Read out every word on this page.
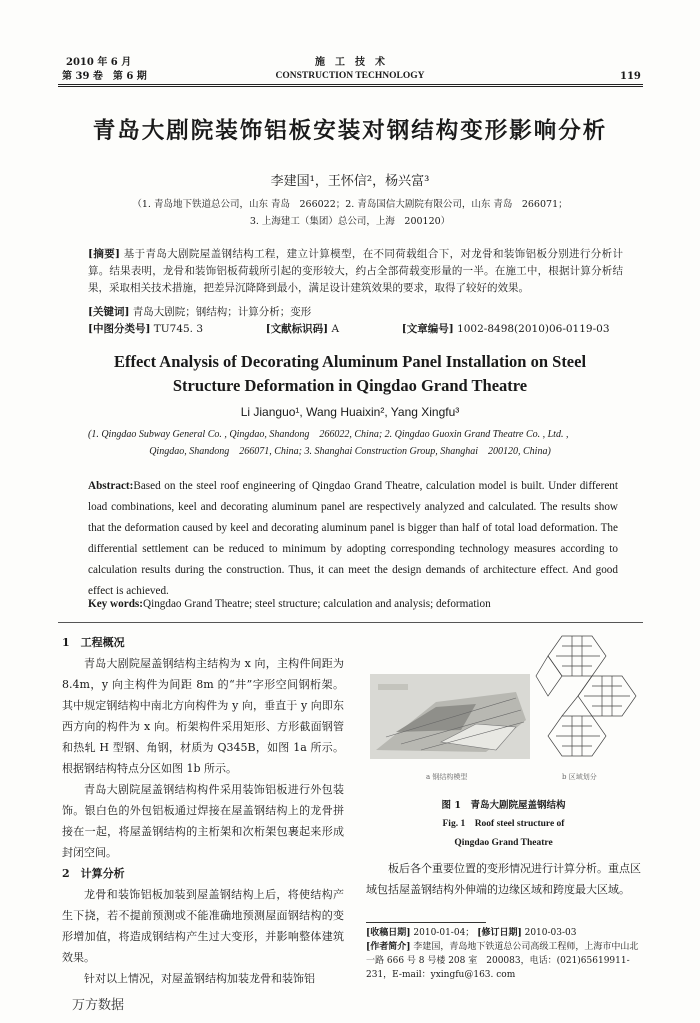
2010 年 6 月
第 39 卷　第 6 期
施　工　技　术
CONSTRUCTION TECHNOLOGY	119
青岛大剧院装饰铝板安装对钢结构变形影响分析
李建国¹，王怀信²，杨兴富³
（1. 青岛地下铁道总公司，山东 青岛　266022；2. 青岛国信大剧院有限公司，山东 青岛　266071；
3. 上海建工（集团）总公司，上海　200120）
[摘要] 基于青岛大剧院屋盖钢结构工程，建立计算模型，在不同荷载组合下，对龙骨和装饰铝板分别进行分析计算。结果表明，龙骨和装饰铝板荷载所引起的变形较大，约占全部荷载变形量的一半。在施工中，根据计算分析结果，采取相关技术措施，把差异沉降降到最小，满足设计建筑效果的要求，取得了较好的效果。
[关键词] 青岛大剧院；钢结构；计算分析；变形
[中图分类号] TU745. 3	[文献标识码] A	[文章编号] 1002-8498(2010)06-0119-03
Effect Analysis of Decorating Aluminum Panel Installation on Steel
Structure Deformation in Qingdao Grand Theatre
Li Jianguo¹, Wang Huaixin², Yang Xingfu³
(1. Qingdao Subway General Co. , Qingdao, Shandong　266022, China; 2. Qingdao Guoxin Grand Theatre Co. , Ltd. ,
Qingdao, Shandong　266071, China; 3. Shanghai Construction Group, Shanghai　200120, China)
Abstract:Based on the steel roof engineering of Qingdao Grand Theatre, calculation model is built. Under different load combinations, keel and decorating aluminum panel are respectively analyzed and calculated. The results show that the deformation caused by keel and decorating aluminum panel is bigger than half of total load deformation. The differential settlement can be reduced to minimum by adopting corresponding technology measures according to calculation results during the construction. Thus, it can meet the design demands of architecture effect. And good effect is achieved.
Key words:Qingdao Grand Theatre; steel structure; calculation and analysis; deformation
1　工程概况
青岛大剧院屋盖钢结构主结构为 x 向，主构件间距为 8.4m，y 向主构件为间距 8m 的“井”字形空间钢桁架。其中规定钢结构中南北方向构件为 y 向，垂直于 y 向即东西方向的构件为 x 向。桁架构件采用矩形、方形截面钢管和热轧 H 型钢、角钢，材质为 Q345B，如图 1a 所示。根据钢结构特点分区如图 1b 所示。
青岛大剧院屋盖钢结构构件采用装饰铝板进行外包装饰。银白色的外包铝板通过焊接在屋盖钢结构上的龙骨拼接在一起，将屋盖钢结构的主桁架和次桁架包裹起来形成封闭空间。
2　计算分析
龙骨和装饰铝板加装到屋盖钢结构上后，将使结构产生下挠，若不提前预测或不能准确地预测屋面钢结构的变形增加值，将造成钢结构产生过大变形，并影响整体建筑效果。
针对以上情况，对屋盖钢结构加装龙骨和装饰铝
a 钢结构模型	b 区域划分
图 1　青岛大剧院屋盖钢结构
Fig. 1　Roof steel structure of
Qingdao Grand Theatre
板后各个重要位置的变形情况进行计算分析。重点区域包括屋盖钢结构外伸端的边缘区域和跨度最大区域。
[收稿日期] 2010-01-04； [修订日期] 2010-03-03
[作者简介] 李建国，青岛地下铁道总公司高级工程师，上海市中山北一路 666 号 8 号楼 208 室　200083，电话：(021)65619911-231，E-mail：yxingfu@163. com
万方数据
